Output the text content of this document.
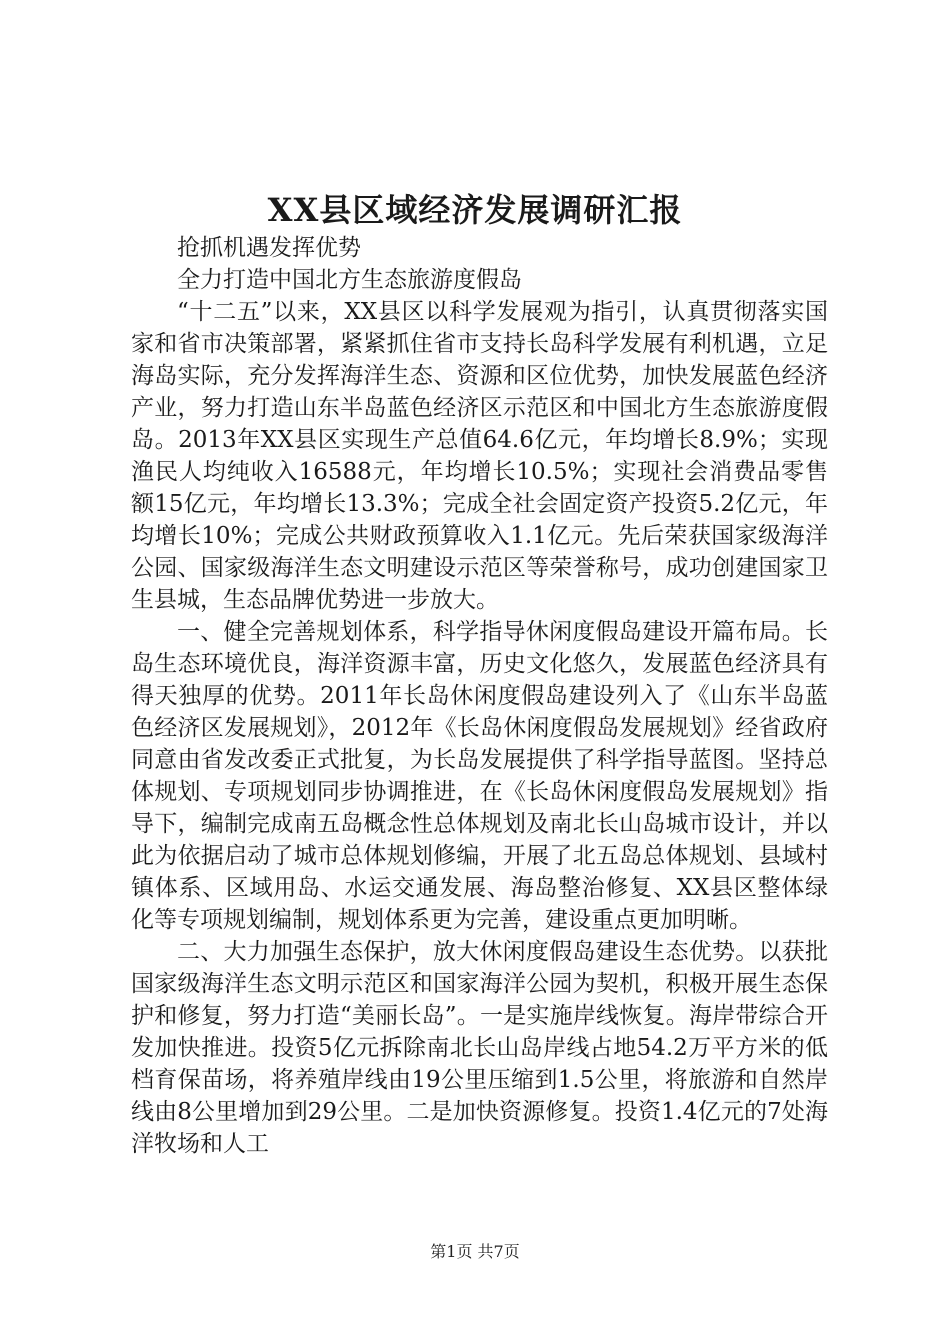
XX县区域经济发展调研汇报

抢抓机遇发挥优势

全力打造中国北方生态旅游度假岛

“十二五”以来，XX县区以科学发展观为指引，认真贯彻落实国家和省市决策部署，紧紧抓住省市支持长岛科学发展有利机遇，立足海岛实际，充分发挥海洋生态、资源和区位优势，加快发展蓝色经济产业，努力打造山东半岛蓝色经济区示范区和中国北方生态旅游度假岛。2013年XX县区实现生产总值64.6亿元，年均增长8.9%；实现渔民人均纯收入16588元，年均增长10.5%；实现社会消费品零售额15亿元，年均增长13.3%；完成全社会固定资产投资5.2亿元，年均增长10%；完成公共财政预算收入1.1亿元。先后荣获国家级海洋公园、国家级海洋生态文明建设示范区等荣誉称号，成功创建国家卫生县城，生态品牌优势进一步放大。

一、健全完善规划体系，科学指导休闲度假岛建设开篇布局。长岛生态环境优良，海洋资源丰富，历史文化悠久，发展蓝色经济具有得天独厚的优势。2011年长岛休闲度假岛建设列入了《山东半岛蓝色经济区发展规划》，2012年《长岛休闲度假岛发展规划》经省政府同意由省发改委正式批复，为长岛发展提供了科学指导蓝图。坚持总体规划、专项规划同步协调推进，在《长岛休闲度假岛发展规划》指导下，编制完成南五岛概念性总体规划及南北长山岛城市设计，并以此为依据启动了城市总体规划修编，开展了北五岛总体规划、县域村镇体系、区域用岛、水运交通发展、海岛整治修复、XX县区整体绿化等专项规划编制，规划体系更为完善，建设重点更加明晰。

二、大力加强生态保护，放大休闲度假岛建设生态优势。以获批国家级海洋生态文明示范区和国家海洋公园为契机，积极开展生态保护和修复，努力打造“美丽长岛”。一是实施岸线恢复。海岸带综合开发加快推进。投资5亿元拆除南北长山岛岸线占地54.2万平方米的低档育保苗场，将养殖岸线由19公里压缩到1.5公里，将旅游和自然岸线由8公里增加到29公里。二是加快资源修复。投资1.4亿元的7处海洋牧场和人工

第1页 共7页
